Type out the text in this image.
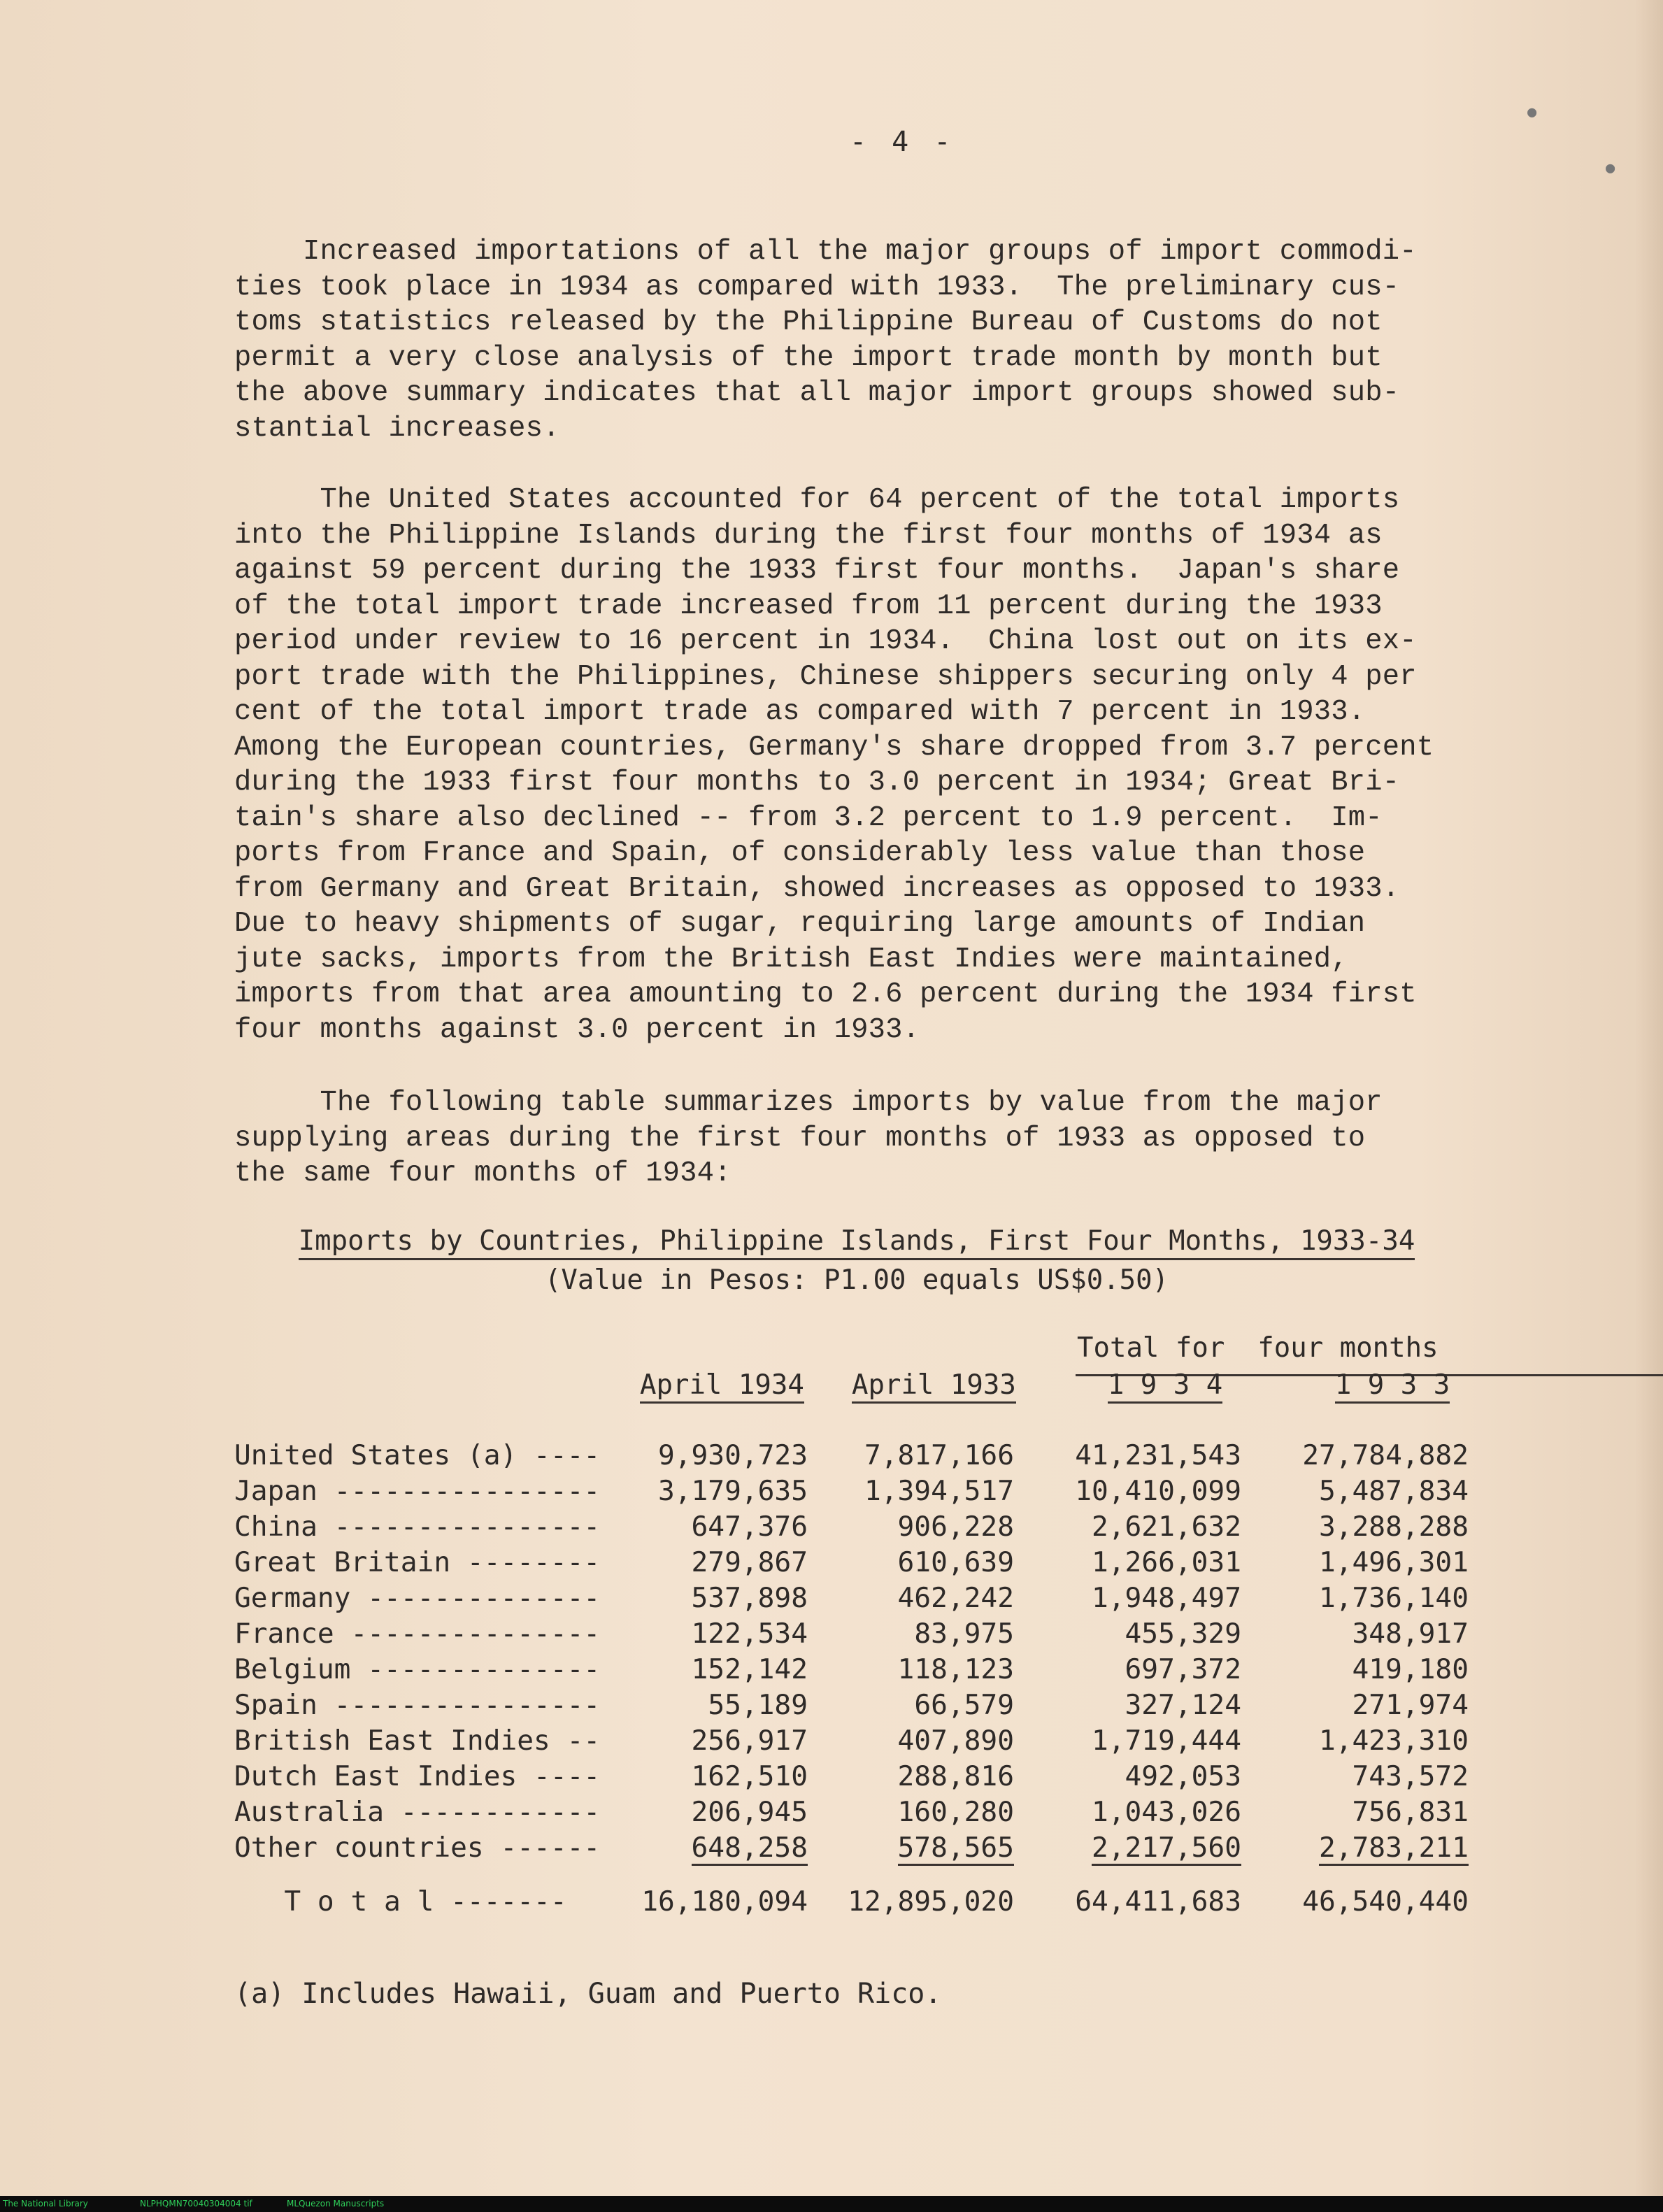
●
●
- 4 -
Increased importations of all the major groups of import commodi-
ties took place in 1934 as compared with 1933.  The preliminary cus-
toms statistics released by the Philippine Bureau of Customs do not
permit a very close analysis of the import trade month by month but
the above summary indicates that all major import groups showed sub-
stantial increases.

The United States accounted for 64 percent of the total imports
into the Philippine Islands during the first four months of 1934 as
against 59 percent during the 1933 first four months.  Japan's share
of the total import trade increased from 11 percent during the 1933
period under review to 16 percent in 1934.  China lost out on its ex-
port trade with the Philippines, Chinese shippers securing only 4 per
cent of the total import trade as compared with 7 percent in 1933.
Among the European countries, Germany's share dropped from 3.7 percent
during the 1933 first four months to 3.0 percent in 1934; Great Bri-
tain's share also declined -- from 3.2 percent to 1.9 percent.  Im-
ports from France and Spain, of considerably less value than those
from Germany and Great Britain, showed increases as opposed to 1933.
Due to heavy shipments of sugar, requiring large amounts of Indian
jute sacks, imports from the British East Indies were maintained,
imports from that area amounting to 2.6 percent during the 1934 first
four months against 3.0 percent in 1933.

The following table summarizes imports by value from the major
supplying areas during the first four months of 1933 as opposed to
the same four months of 1934:

Imports by Countries, Philippine Islands, First Four Months, 1933-34
(Value in Pesos: P1.00 equals US$0.50)
Total for  four months
April 1934 April 1933	1 9 3 4	1 9 3 3
United States (a) ----	9,930,723	7,817,166	41,231,543	27,784,882
Japan ----------------	3,179,635	1,394,517	10,410,099	5,487,834
China ----------------	647,376	906,228	2,621,632	3,288,288
Great Britain --------	279,867	610,639	1,266,031	1,496,301
Germany --------------	537,898	462,242	1,948,497	1,736,140
France ---------------	122,534	83,975	455,329	348,917
Belgium --------------	152,142	118,123	697,372	419,180
Spain ----------------	55,189	66,579	327,124	271,974
British East Indies --	256,917	407,890	1,719,444	1,423,310
Dutch East Indies ----	162,510	288,816	492,053	743,572
Australia ------------	206,945	160,280	1,043,026	756,831
Other countries ------	648,258	578,565	2,217,560	2,783,211
T o t a l -------	16,180,094	12,895,020	64,411,683	46,540,440
(a) Includes Hawaii, Guam and Puerto Rico.
The National Library	NLPHQMN70040304004 tif	MLQuezon Manuscripts
